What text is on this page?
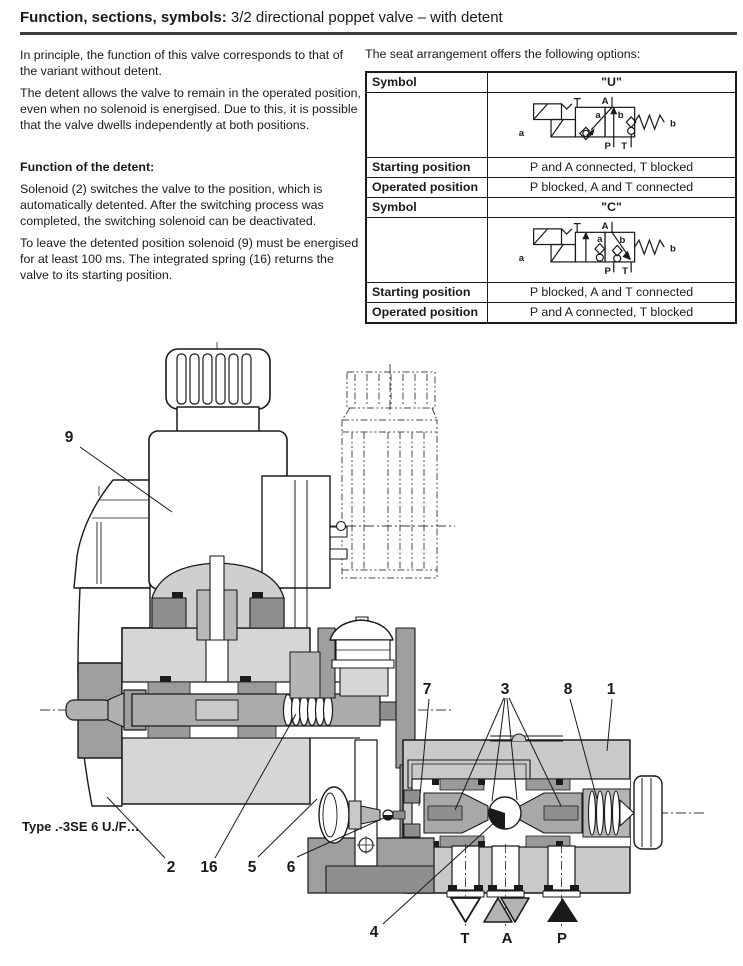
Function, sections, symbols: 3/2 directional poppet valve – with detent

In principle, the function of this valve corresponds to that of the variant without detent.

The detent allows the valve to remain in the operated position, even when no solenoid is energised. Due to this, it is possible that the valve dwells independently at both positions.

Function of the detent:

Solenoid (2) switches the valve to the position, which is automatically detented. After the switching process was completed, the switching solenoid can be deactivated.

To leave the detented position solenoid (9) must be energised for at least 100 ms. The integrated spring (16) returns the valve to its starting position.

The seat arrangement offers the following options:
Symbol	"U"

a
a b
A
P T
b

Starting position	P and A connected, T blocked
Operated position	P blocked, A and T connected
Symbol	"C"

a
a b
A
P T
b

Starting position	P blocked, A and T connected
Operated position	P and A connected, T blocked
T A	P
9
7	3	8 1
2 16 5 6
4
Type .-3SE 6 U./F…
